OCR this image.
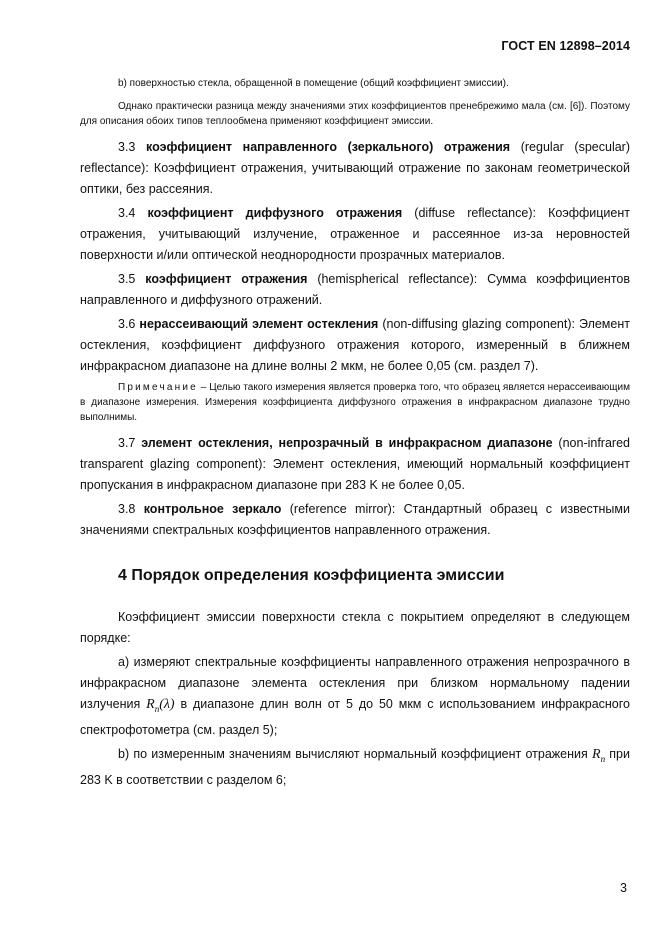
ГОСТ EN 12898–2014

b) поверхностью стекла, обращенной в помещение (общий коэффициент эмиссии).

Однако практически разница между значениями этих коэффициентов пренебрежимо мала (см. [6]). Поэтому для описания обоих типов теплообмена применяют коэффициент эмиссии.

3.3 коэффициент направленного (зеркального) отражения (regular (specular) reflectance): Коэффициент отражения, учитывающий отражение по законам геометрической оптики, без рассеяния.

3.4 коэффициент диффузного отражения (diffuse reflectance): Коэффициент отражения, учитывающий излучение, отраженное и рассеянное из-за неровностей поверхности и/или оптической неоднородности прозрачных материалов.

3.5 коэффициент отражения (hemispherical reflectance): Сумма коэффициентов направленного и диффузного отражений.

3.6 нерассеивающий элемент остекления (non-diffusing glazing component): Элемент остекления, коэффициент диффузного отражения которого, измеренный в ближнем инфракрасном диапазоне на длине волны 2 мкм, не более 0,05 (см. раздел 7).

Примечание – Целью такого измерения является проверка того, что образец является нерассеивающим в диапазоне измерения. Измерения коэффициента диффузного отражения в инфракрасном диапазоне трудно выполнимы.

3.7 элемент остекления, непрозрачный в инфракрасном диапазоне (non-infrared transparent glazing component): Элемент остекления, имеющий нормальный коэффициент пропускания в инфракрасном диапазоне при 283 K не более 0,05.

3.8 контрольное зеркало (reference mirror): Стандартный образец с известными значениями спектральных коэффициентов направленного отражения.

4 Порядок определения коэффициента эмиссии

Коэффициент эмиссии поверхности стекла с покрытием определяют в следующем порядке:

a) измеряют спектральные коэффициенты направленного отражения непрозрачного в инфракрасном диапазоне элемента остекления при близком нормальному падении излучения $R_n(\lambda)$ в диапазоне длин волн от 5 до 50 мкм с использованием инфракрасного спектрофотометра (см. раздел 5);

b) по измеренным значениям вычисляют нормальный коэффициент отражения $R_n$ при 283 K в соответствии с разделом 6;

3
